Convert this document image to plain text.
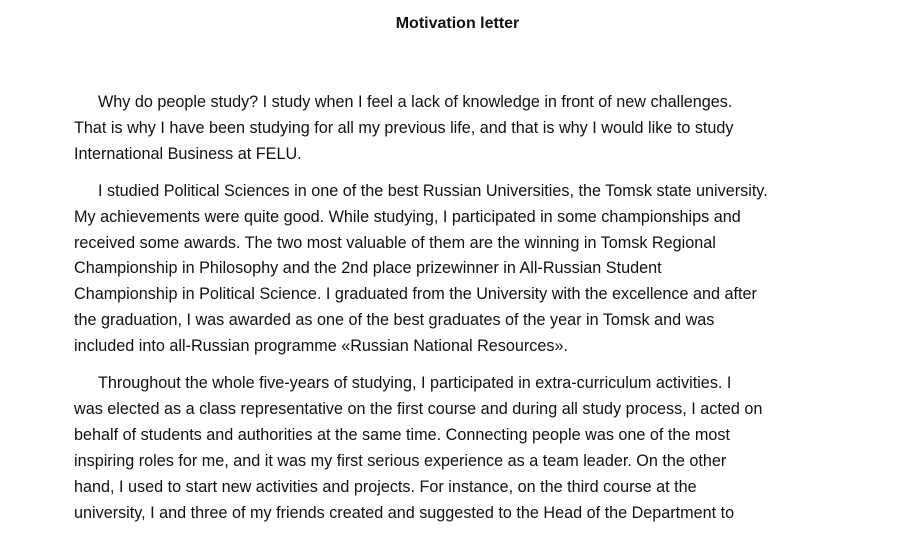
Motivation letter

Why do people study? I study when I feel a lack of knowledge in front of new challenges.
That is why I have been studying for all my previous life, and that is why I would like to study
International Business at FELU.

I studied Political Sciences in one of the best Russian Universities, the Tomsk state university.
My achievements were quite good. While studying, I participated in some championships and
received some awards. The two most valuable of them are the winning in Tomsk Regional
Championship in Philosophy and the 2nd place prizewinner in All-Russian Student
Championship in Political Science. I graduated from the University with the excellence and after
the graduation, I was awarded as one of the best graduates of the year in Tomsk and was
included into all-Russian programme «Russian National Resources».

Throughout the whole five-years of studying, I participated in extra-curriculum activities. I
was elected as a class representative on the first course and during all study process, I acted on
behalf of students and authorities at the same time. Connecting people was one of the most
inspiring roles for me, and it was my first serious experience as a team leader. On the other
hand, I used to start new activities and projects. For instance, on the third course at the
university, I and three of my friends created and suggested to the Head of the Department to
